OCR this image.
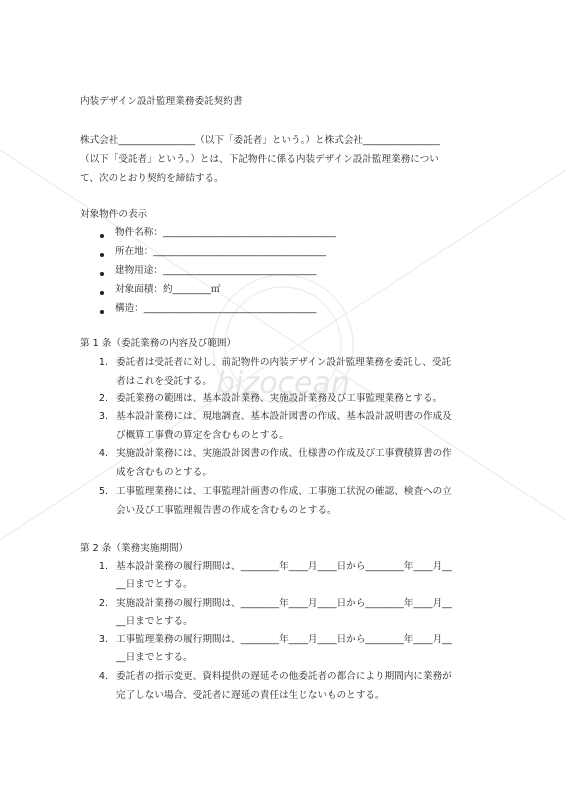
bizocean
内装デザイン設計監理業務委託契約書
株式会社________________（以下「委託者」という。）と株式会社________________
（以下「受託者」という。）とは、下記物件に係る内装デザイン設計監理業務につい
て、次のとおり契約を締結する。
対象物件の表示
物件名称：____________________________________
所在地：____________________________________
建物用途：________________________________
対象面積：約________㎡
構造：____________________________________
第 1 条（委託業務の内容及び範囲）
1. 委託者は受託者に対し、前記物件の内装デザイン設計監理業務を委託し、受託
者はこれを受託する。
2. 委託業務の範囲は、基本設計業務、実施設計業務及び工事監理業務とする。
3. 基本設計業務には、現地調査、基本設計図書の作成、基本設計説明書の作成及
び概算工事費の算定を含むものとする。
4. 実施設計業務には、実施設計図書の作成、仕様書の作成及び工事費積算書の作
成を含むものとする。
5. 工事監理業務には、工事監理計画書の作成、工事施工状況の確認、検査への立
会い及び工事監理報告書の作成を含むものとする。
第 2 条（業務実施期間）
1. 基本設計業務の履行期間は、________年____月____日から________年____月__
__日までとする。
2. 実施設計業務の履行期間は、________年____月____日から________年____月__
__日までとする。
3. 工事監理業務の履行期間は、________年____月____日から________年____月__
__日までとする。
4. 委託者の指示変更、資料提供の遅延その他委託者の都合により期間内に業務が
完了しない場合、受託者に遅延の責任は生じないものとする。
